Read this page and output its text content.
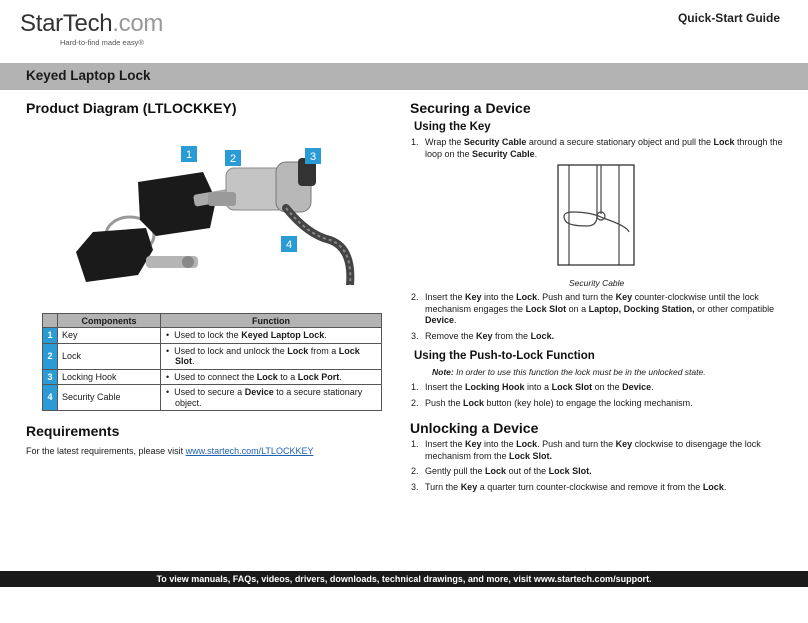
StarTech.com
Hard-to-find made easy®
Quick-Start Guide
Keyed Laptop Lock
Product Diagram (LTLOCKKEY)
1	2	3
4
	Components	Function
1	Key	•  Used to lock the Keyed Laptop Lock.
2	Lock	•  Used to lock and unlock the Lock from a Lock Slot.
3	Locking Hook	•  Used to connect the Lock to a Lock Port.
4	Security Cable	•  Used to secure a Device to a secure stationary object.
Requirements

For the latest requirements, please visit www.startech.com/LTLOCKKEY

Securing a Device
Using the Key
1. Wrap the Security Cable around a secure stationary object and pull the Lock through the loop on the Security Cable.
Security Cable
2. Insert the Key into the Lock. Push and turn the Key counter-clockwise until the lock mechanism engages the Lock Slot on a Laptop, Docking Station, or other compatible Device.
3. Remove the Key from the Lock.
Using the Push-to-Lock Function

Note: In order to use this function the lock must be in the unlocked state.

1. Insert the Locking Hook into a Lock Slot on the Device.
2. Push the Lock button (key hole) to engage the locking mechanism.
Unlocking a Device
1. Insert the Key into the Lock. Push and turn the Key clockwise to disengage the lock mechanism from the Lock Slot.
2. Gently pull the Lock out of the Lock Slot.
3. Turn the Key a quarter turn counter-clockwise and remove it from the Lock.
To view manuals, FAQs, videos, drivers, downloads, technical drawings, and more, visit www.startech.com/support.
